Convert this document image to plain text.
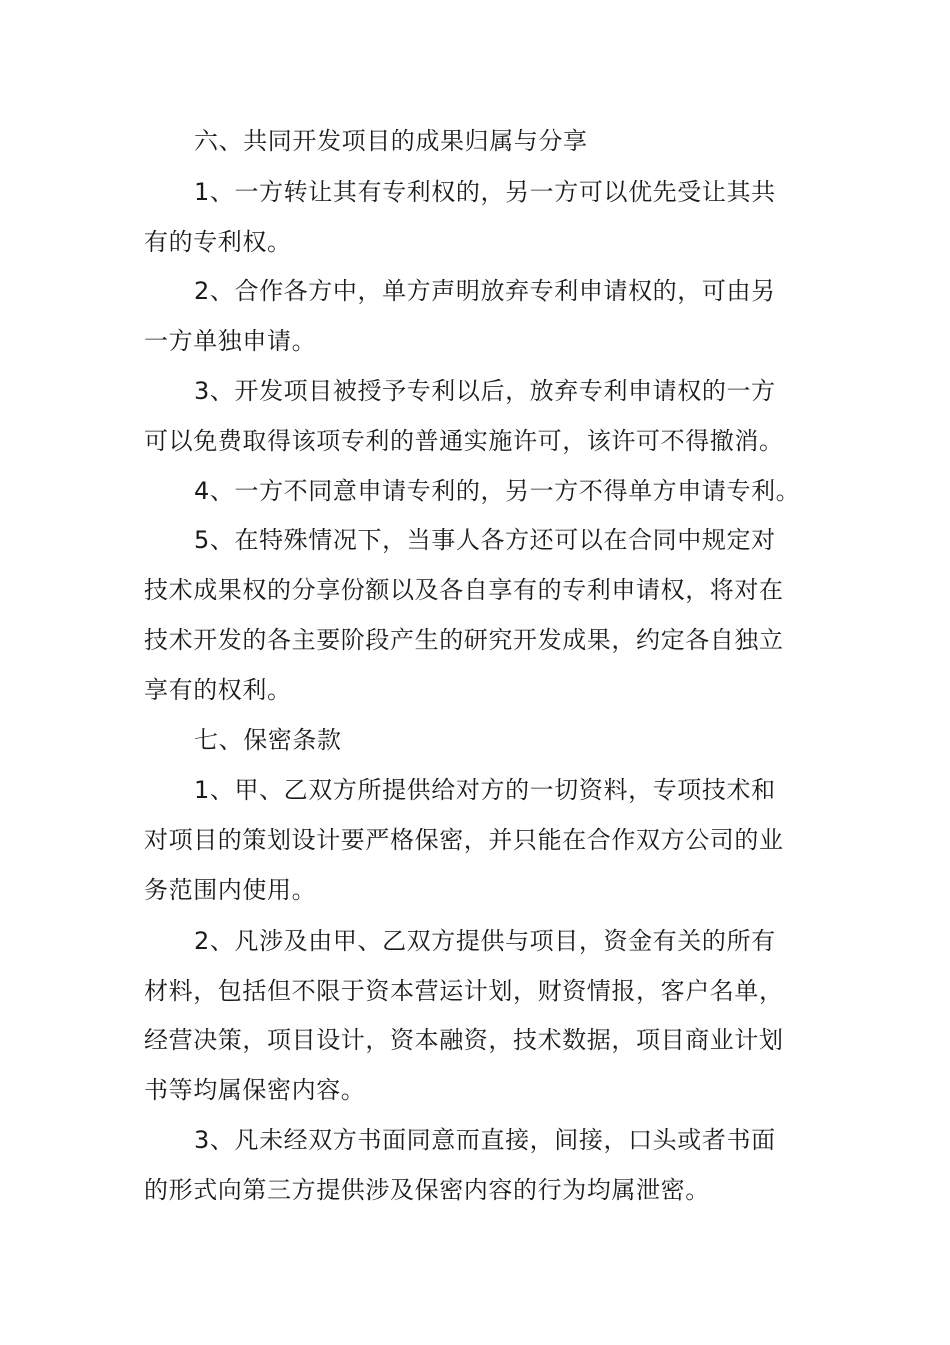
六、共同开发项目的成果归属与分享
1、一方转让其有专利权的，另一方可以优先受让其共
有的专利权。
2、合作各方中，单方声明放弃专利申请权的，可由另
一方单独申请。
3、开发项目被授予专利以后，放弃专利申请权的一方
可以免费取得该项专利的普通实施许可，该许可不得撤消。
4、一方不同意申请专利的，另一方不得单方申请专利。
5、在特殊情况下，当事人各方还可以在合同中规定对
技术成果权的分享份额以及各自享有的专利申请权，将对在
技术开发的各主要阶段产生的研究开发成果，约定各自独立
享有的权利。
七、保密条款
1、甲、乙双方所提供给对方的一切资料，专项技术和
对项目的策划设计要严格保密，并只能在合作双方公司的业
务范围内使用。
2、凡涉及由甲、乙双方提供与项目，资金有关的所有
材料，包括但不限于资本营运计划，财资情报，客户名单，
经营决策，项目设计，资本融资，技术数据，项目商业计划
书等均属保密内容。
3、凡未经双方书面同意而直接，间接，口头或者书面
的形式向第三方提供涉及保密内容的行为均属泄密。
